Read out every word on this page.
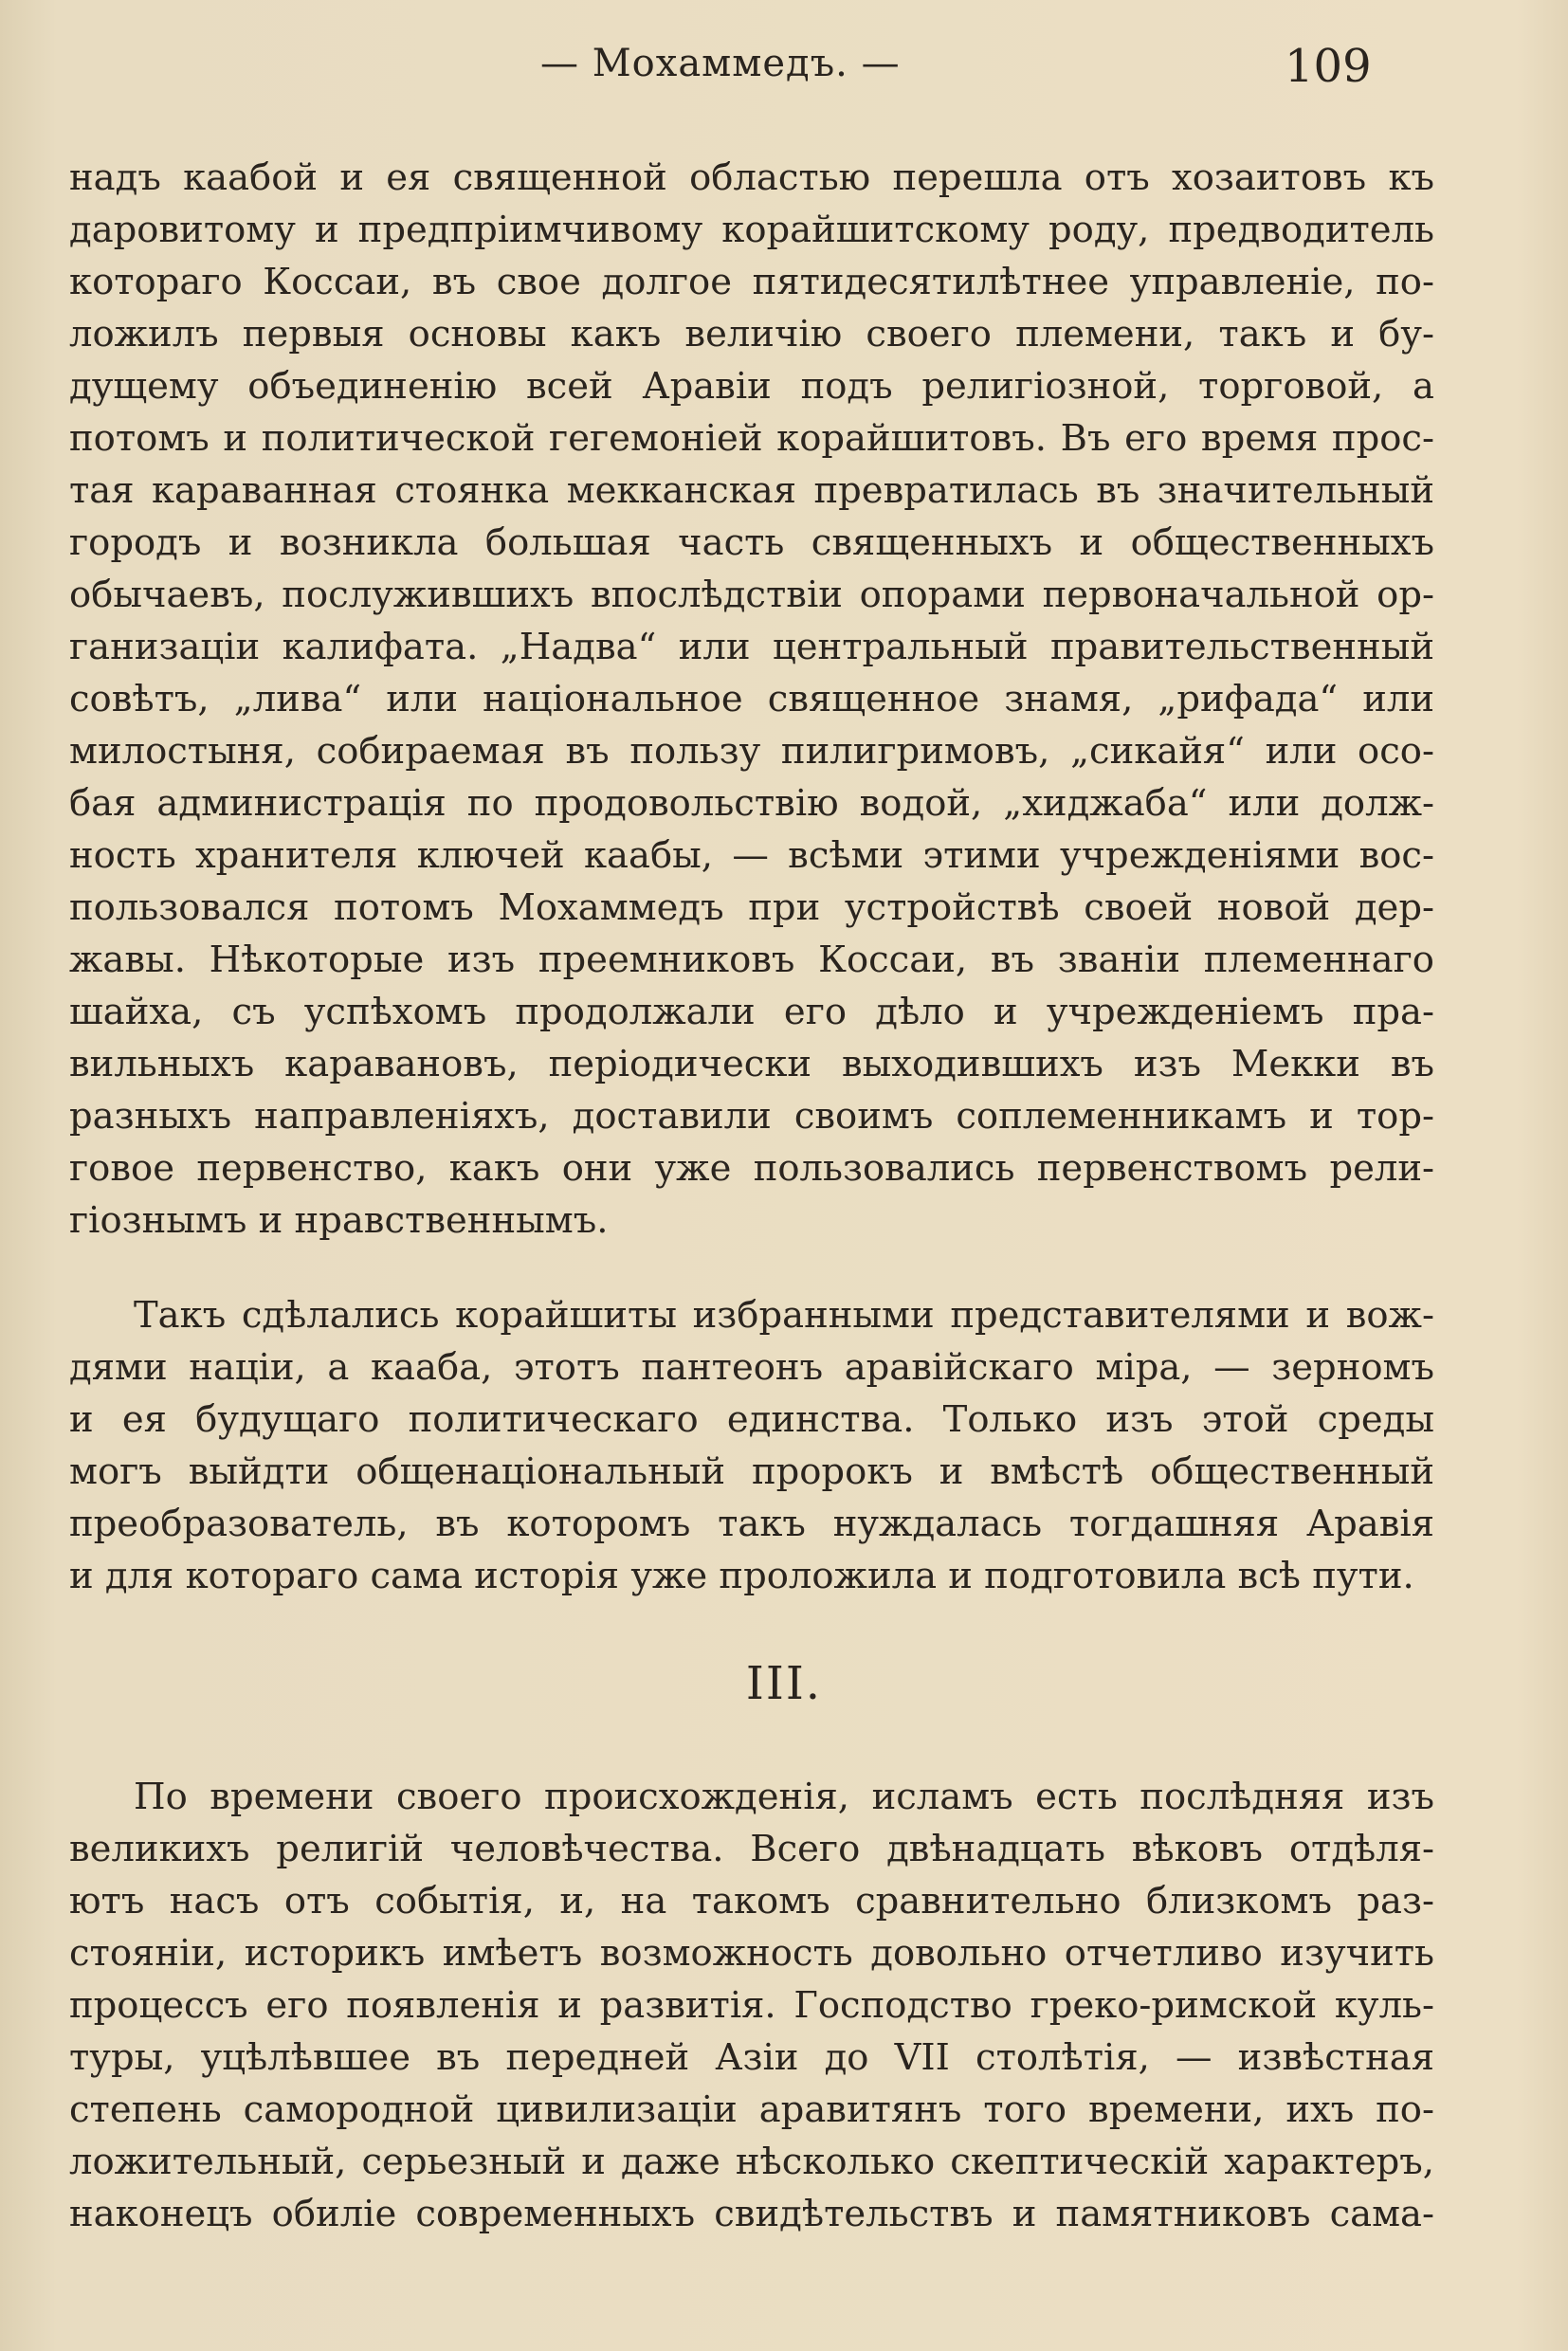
— Мохаммедъ. —	109
надъ каабой и ея священной областью перешла отъ хозаитовъ къ
даровитому и предпріимчивому корайшитскому роду, предводитель
котораго Коссаи, въ свое долгое пятидесятилѣтнее управленіе, по-
ложилъ первыя основы какъ величію своего племени, такъ и бу-
дущему объединенію всей Аравіи подъ религіозной, торговой, а
потомъ и политической гегемоніей корайшитовъ. Въ его время прос-
тая караванная стоянка мекканская превратилась въ значительный
городъ и возникла большая часть священныхъ и общественныхъ
обычаевъ, послужившихъ впослѣдствіи опорами первоначальной ор-
ганизаціи калифата. „Надва“ или центральный правительственный
совѣтъ, „лива“ или національное священное знамя, „рифада“ или
милостыня, собираемая въ пользу пилигримовъ, „сикайя“ или осо-
бая администрація по продовольствію водой, „хиджаба“ или долж-
ность хранителя ключей каабы, — всѣми этими учрежденіями вос-
пользовался потомъ Мохаммедъ при устройствѣ своей новой дер-
жавы. Нѣкоторые изъ преемниковъ Коссаи, въ званіи племеннаго
шайха, съ успѣхомъ продолжали его дѣло и учрежденіемъ пра-
вильныхъ каравановъ, періодически выходившихъ изъ Мекки въ
разныхъ направленіяхъ, доставили своимъ соплеменникамъ и тор-
говое первенство, какъ они уже пользовались первенствомъ рели-
гіознымъ и нравственнымъ.
Такъ сдѣлались корайшиты избранными представителями и вож-
дями націи, а кааба, этотъ пантеонъ аравійскаго міра, — зерномъ
и ея будущаго политическаго единства. Только изъ этой среды
могъ выйдти общенаціональный пророкъ и вмѣстѣ общественный
преобразователь, въ которомъ такъ нуждалась тогдашняя Аравія
и для котораго сама исторія уже проложила и подготовила всѣ пути.
III.
По времени своего происхожденія, исламъ есть послѣдняя изъ
великихъ религій человѣчества. Всего двѣнадцать вѣковъ отдѣля-
ютъ насъ отъ событія, и, на такомъ сравнительно близкомъ раз-
стояніи, историкъ имѣетъ возможность довольно отчетливо изучить
процессъ его появленія и развитія. Господство греко-римской куль-
туры, уцѣлѣвшее въ передней Азіи до VII столѣтія, — извѣстная
степень самородной цивилизаціи аравитянъ того времени, ихъ по-
ложительный, серьезный и даже нѣсколько скептическій характеръ,
наконецъ обиліе современныхъ свидѣтельствъ и памятниковъ сама-
